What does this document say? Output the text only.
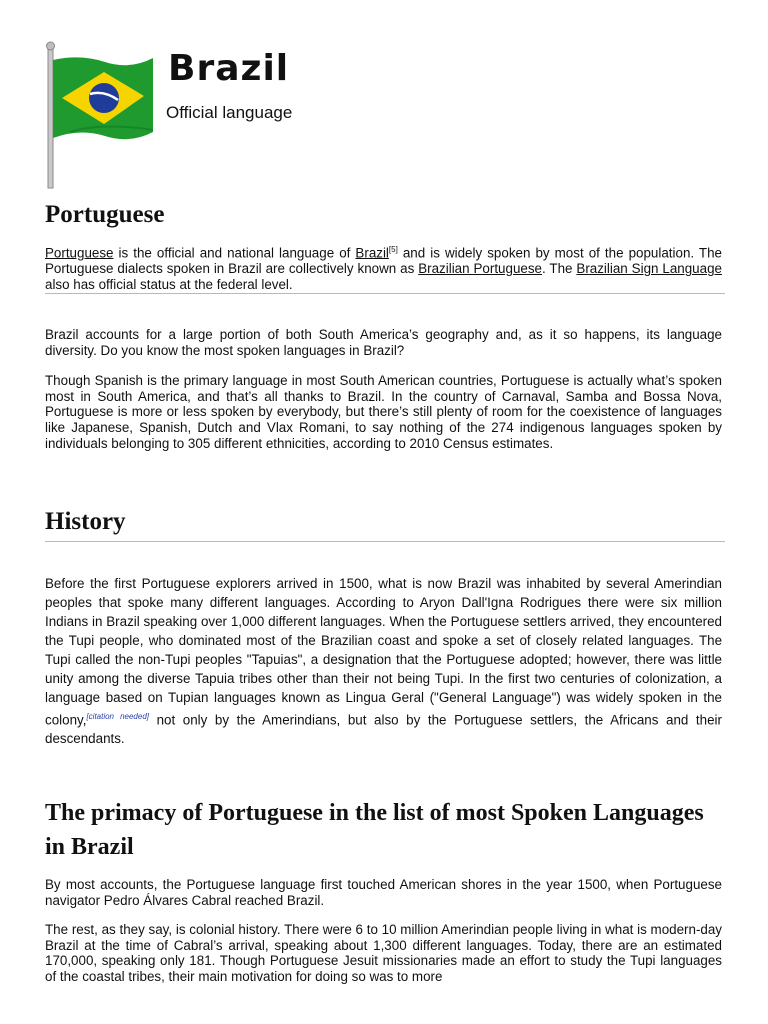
Brazil
Official language
Portuguese

Portuguese is the official and national language of Brazil[5] and is widely spoken by most of the population. The Portuguese dialects spoken in Brazil are collectively known as Brazilian Portuguese. The Brazilian Sign Language also has official status at the federal level.

Brazil accounts for a large portion of both South America’s geography and, as it so happens, its language diversity. Do you know the most spoken languages in Brazil?

Though Spanish is the primary language in most South American countries, Portuguese is actually what’s spoken most in South America, and that’s all thanks to Brazil. In the country of Carnaval, Samba and Bossa Nova, Portuguese is more or less spoken by everybody, but there’s still plenty of room for the coexistence of languages like Japanese, Spanish, Dutch and Vlax Romani, to say nothing of the 274 indigenous languages spoken by individuals belonging to 305 different ethnicities, according to 2010 Census estimates.

History

Before the first Portuguese explorers arrived in 1500, what is now Brazil was inhabited by several Amerindian peoples that spoke many different languages. According to Aryon Dall'Igna Rodrigues there were six million Indians in Brazil speaking over 1,000 different languages. When the Portuguese settlers arrived, they encountered the Tupi people, who dominated most of the Brazilian coast and spoke a set of closely related languages. The Tupi called the non-Tupi peoples "Tapuias", a designation that the Portuguese adopted; however, there was little unity among the diverse Tapuia tribes other than their not being Tupi. In the first two centuries of colonization, a language based on Tupian languages known as Lingua Geral ("General Language") was widely spoken in the colony,[citation needed] not only by the Amerindians, but also by the Portuguese settlers, the Africans and their descendants.

The primacy of Portuguese in the list of most Spoken Languages in Brazil

By most accounts, the Portuguese language first touched American shores in the year 1500, when Portuguese navigator Pedro Álvares Cabral reached Brazil.

The rest, as they say, is colonial history. There were 6 to 10 million Amerindian people living in what is modern-day Brazil at the time of Cabral’s arrival, speaking about 1,300 different languages. Today, there are an estimated 170,000, speaking only 181. Though Portuguese Jesuit missionaries made an effort to study the Tupi languages of the coastal tribes, their main motivation for doing so was to more
